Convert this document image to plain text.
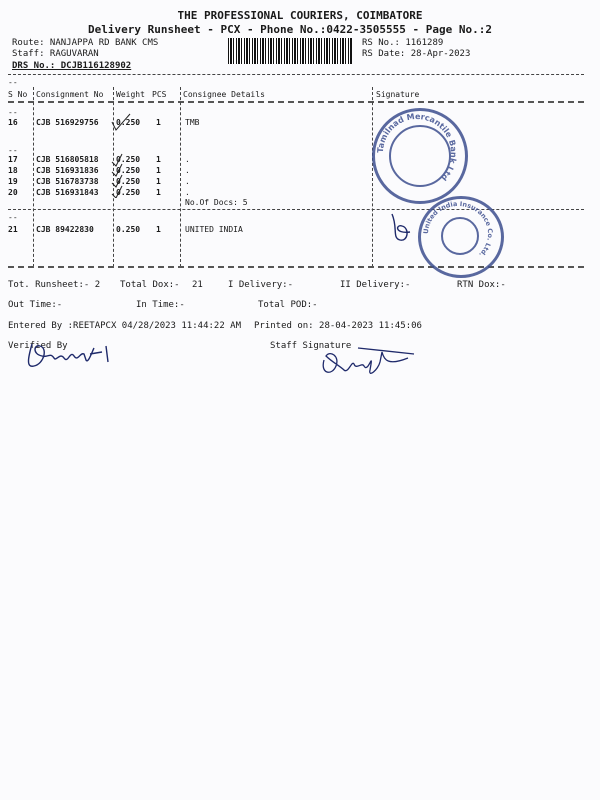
THE PROFESSIONAL COURIERS, COIMBATORE
Delivery Runsheet - PCX - Phone No.:0422-3505555 - Page No.:2
Route: NANJAPPA RD BANK CMS
Staff: RAGUVARAN
DRS No.: DCJB116128902
RS No.: 1161289
RS Date: 28-Apr-2023
--
S No Consignment No Weight PCS Consignee Details	Signature
--
16 CJB 516929756 0.250 1	TMB
--
17 CJB 516805818 0.250 1	.
18 CJB 516931836 0.250 1	.
19 CJB 516783738 0.250 1	.
20 CJB 516931843 0.250 1	.
No.Of Docs: 5
--
21 CJB 89422830	0.250 1	UNITED INDIA
Tamilnad Mercantile Bank Ltd
United India Insurance Co. Ltd.
Tot. Runsheet:- 2 Total Dox:- 21	I Delivery:-	II Delivery:-	RTN Dox:-
Out Time:-	In Time:-	Total POD:-
Entered By :REETAPCX 04/28/2023 11:44:22 AM Printed on: 28-04-2023 11:45:06
Verified By	Staff Signature
